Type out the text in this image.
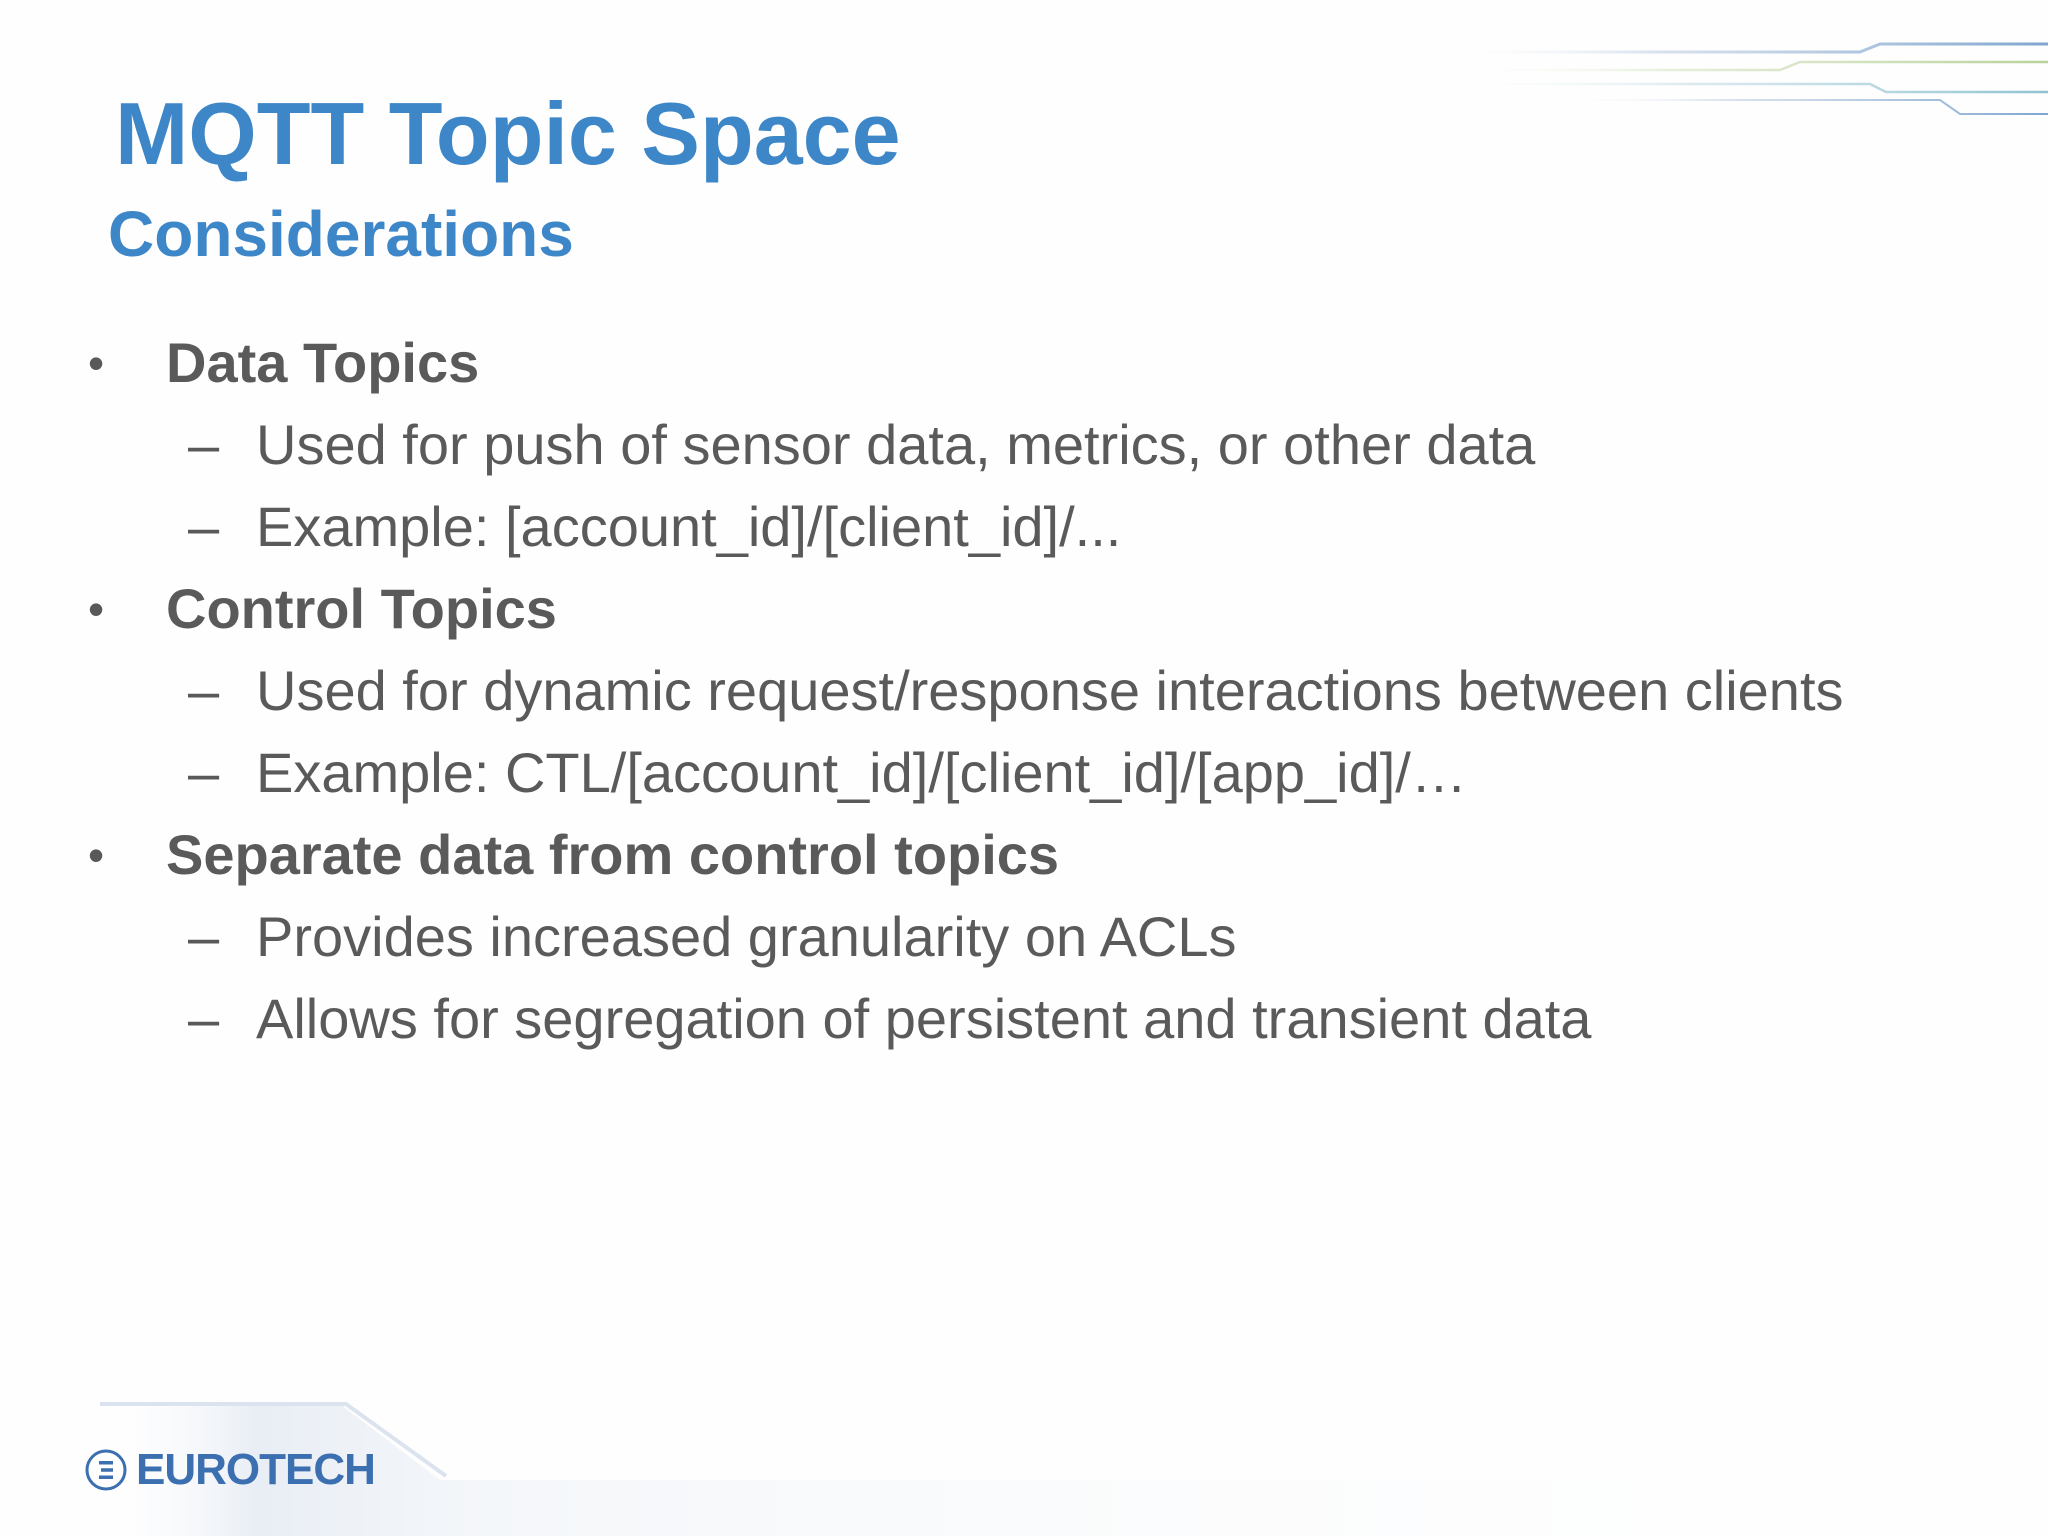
MQTT Topic Space
Considerations
• Data Topics
– Used for push of sensor data, metrics, or other data
– Example: [account_id]/[client_id]/...
• Control Topics
– Used for dynamic request/response interactions between clients
– Example: CTL/[account_id]/[client_id]/[app_id]/…
• Separate data from control topics
– Provides increased granularity on ACLs
– Allows for segregation of persistent and transient data
EUROTECH
